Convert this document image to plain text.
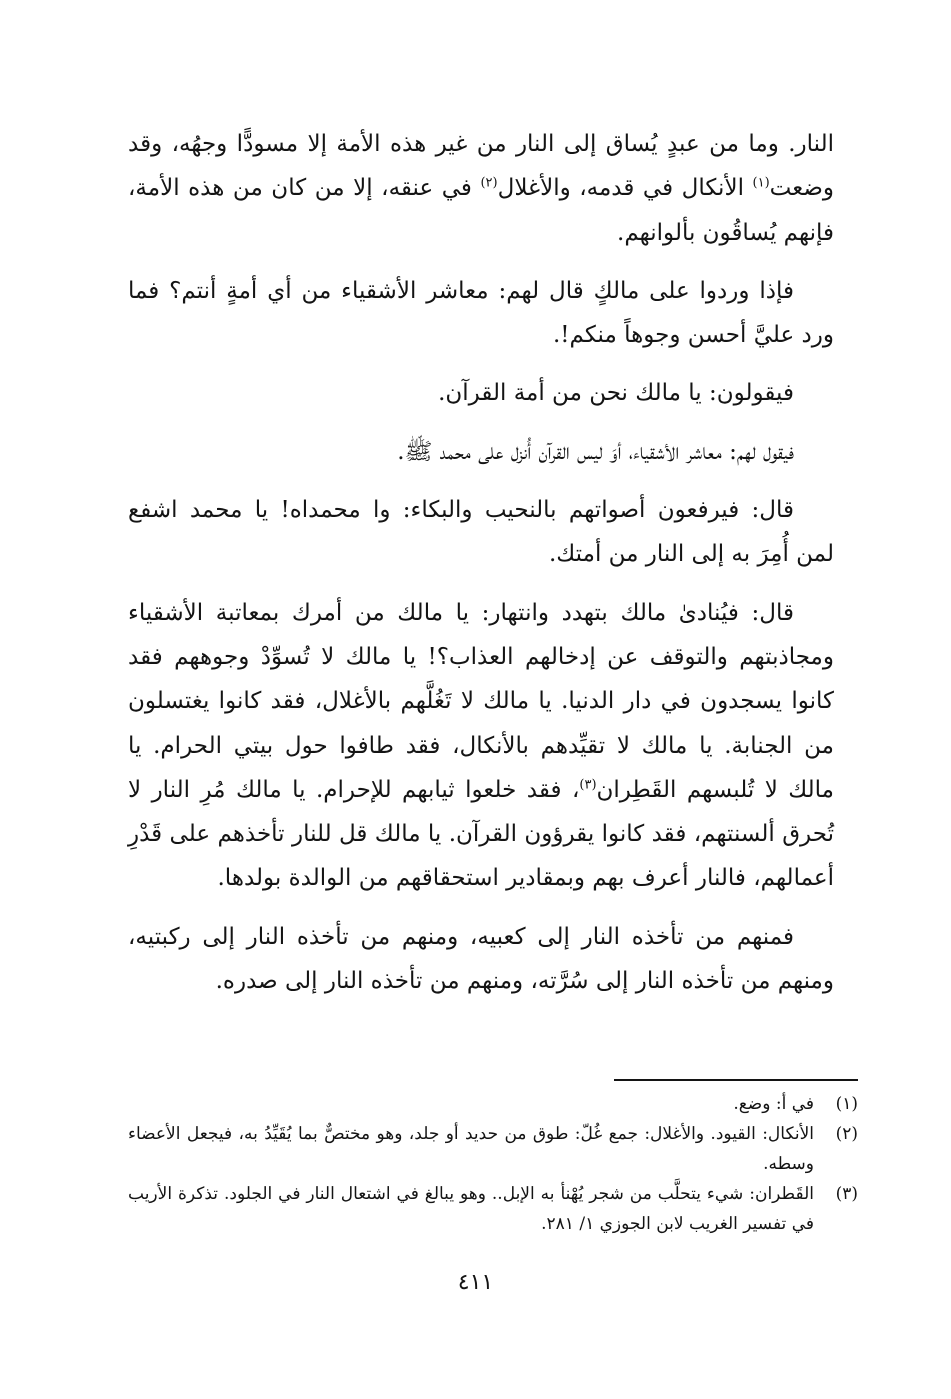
النار. وما من عبدٍ يُساق إلى النار من غير هذه الأمة إلا مسودًّا وجهُه، وقد وضعت$^{(١)}$ الأنكال في قدمه، والأغلال$^{(٢)}$ في عنقه، إلا من كان من هذه الأمة، فإنهم يُساقُون بألوانهم.

فإذا وردوا على مالكٍ قال لهم: معاشر الأشقياء من أي أمةٍ أنتم؟ فما ورد عليَّ أحسن وجوهاً منكم!.

فيقولون: يا مالك نحن من أمة القرآن.

فيقول لهم: معاشر الأشقياء، أوَ ليس القرآن أُنزل على محمد ﷺ.

قال: فيرفعون أصواتهم بالنحيب والبكاء: وا محمداه! يا محمد اشفع لمن أُمِرَ به إلى النار من أمتك.

قال: فيُنادىٰ مالك بتهدد وانتهار: يا مالك من أمرك بمعاتبة الأشقياء ومجاذبتهم والتوقف عن إدخالهم العذاب؟! يا مالك لا تُسوِّدْ وجوههم فقد كانوا يسجدون في دار الدنيا. يا مالك لا تَغُلَّهم بالأغلال، فقد كانوا يغتسلون من الجنابة. يا مالك لا تقيِّدهم بالأنكال، فقد طافوا حول بيتي الحرام. يا مالك لا تُلبسهم القَطِران$^{(٣)}$، فقد خلعوا ثيابهم للإحرام. يا مالك مُرِ النار لا تُحرق ألسنتهم، فقد كانوا يقرؤون القرآن. يا مالك قل للنار تأخذهم على قَدْرِ أعمالهم، فالنار أعرف بهم وبمقادير استحقاقهم من الوالدة بولدها.

فمنهم من تأخذه النار إلى كعبيه، ومنهم من تأخذه النار إلى ركبتيه، ومنهم من تأخذه النار إلى سُرَّته، ومنهم من تأخذه النار إلى صدره.

(١)
في أ: وضع.
(٢)
الأنكال: القيود. والأغلال: جمع غُلّ: طوق من حديد أو جلد، وهو مختصٌّ بما يُقَيِّدُ به، فيجعل الأعضاء وسطه.
(٣)
القَطران: شيء يتحلَّب من شجر يُهْنأ به الإبل.. وهو يبالغ في اشتعال النار في الجلود. تذكرة الأريب في تفسير الغريب لابن الجوزي ١/ ٢٨١.
٤١١
